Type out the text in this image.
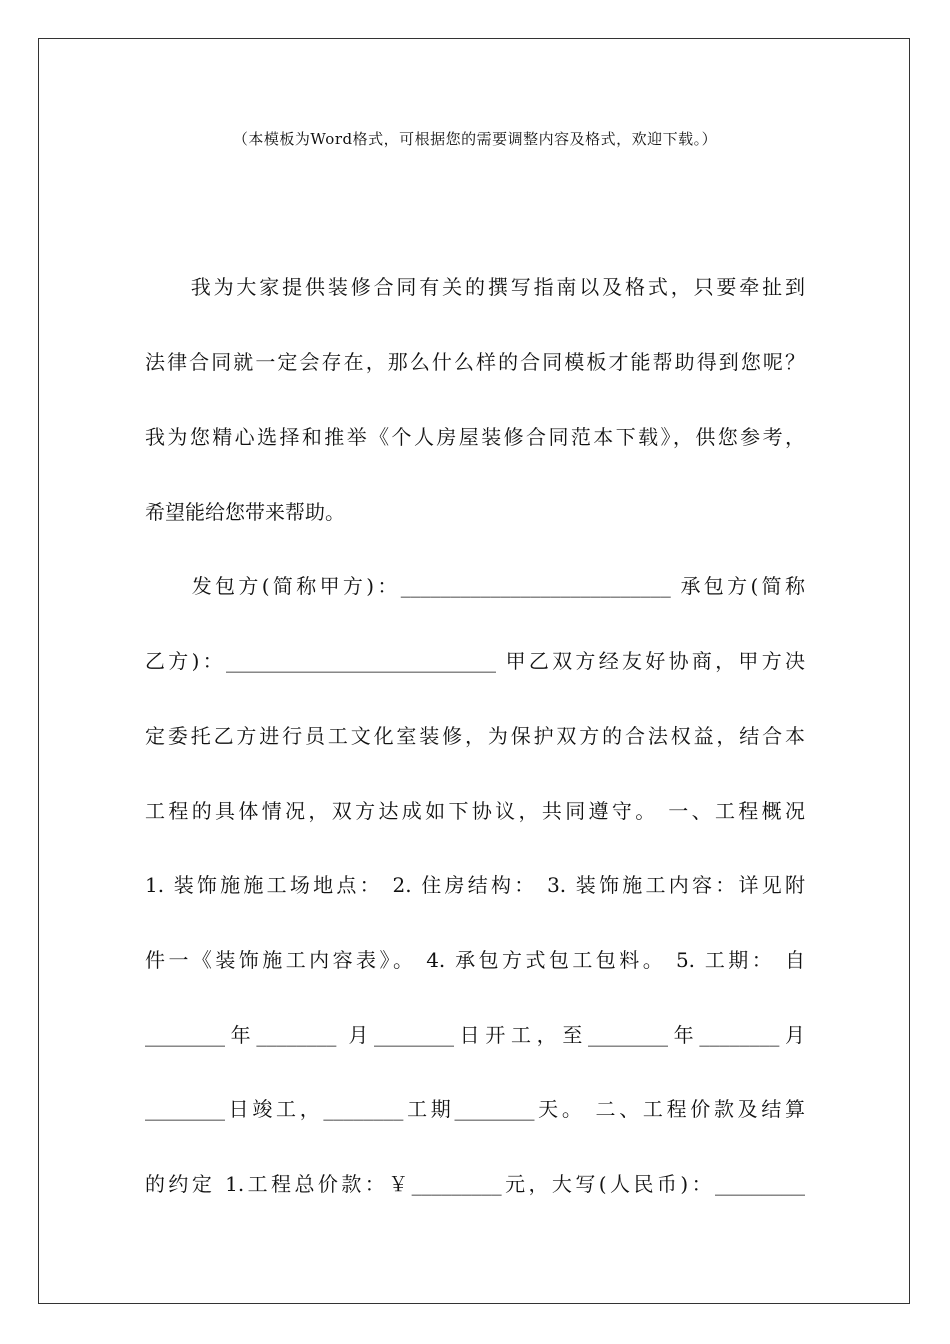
（本模板为Word格式，可根据您的需要调整内容及格式，欢迎下载。）
　　我为大家提供装修合同有关的撰写指南以及格式，只要牵扯到
法律合同就一定会存在，那么什么样的合同模板才能帮助得到您呢？
我为您精心选择和推举《个人房屋装修合同范本下载》，供您参考，
希望能给您带来帮助。
　　发包方(简称甲方)：___________________________ 承包方(简称
乙方)：___________________________ 甲乙双方经友好协商，甲方决
定委托乙方进行员工文化室装修，为保护双方的合法权益，结合本
工程的具体情况，双方达成如下协议，共同遵守。 一、工程概况
1. 装饰施施工场地点： 2. 住房结构： 3. 装饰施工内容：详见附
件一《装饰施工内容表》。 4. 承包方式包工包料。 5. 工期： 自
________年________ 月________日开工，至________年________月
________日竣工，________工期________天。 二、工程价款及结算
的约定 1.工程总价款：￥_________元，大写(人民币)：_________
